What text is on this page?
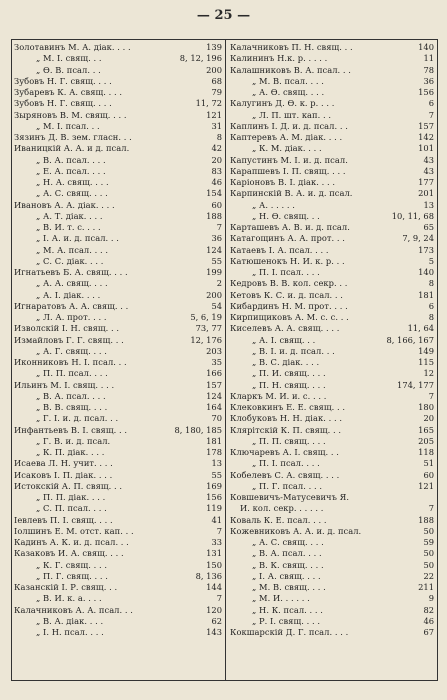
— 25 —
Золотавинъ М. А. діак. . . .	139
„ М. І. свящ. . .	8, 12, 196
„ Ѳ. В. псал. . .	200
Зубовъ Н. Г. свящ. . . .	68
Зубаревъ К. А. свящ. . . .	79
Зубовъ Н. Г. свящ. . . .	11, 72
Зыряновъ В. М. свящ. . . .	121
„ М. І. псал. . .	31
Зязинъ Д. В. зем. гласн. . .	8
Иваницкій А. А. и д. псал.	42
„ В. А. псал. . . .	20
„ Е. А. псал. . . .	83
„ Н. А. свящ. . . .	46
„ А. С. свящ. . . .	154
Ивановъ А. А. діак. . . .	60
„ А. Т. діак. . . .	188
„ В. И. т. с. . . .	7
„ І. А. и. д. псал. . .	36
„ М. А. псал. . . .	124
„ С. С. діак. . . .	55
Игнатьевъ Б. А. свящ. . . .	199
„ А. А. свящ. . . .	2
„ А. І. діак. . . .	200
Игнаратовъ А. А. свящ. . .	54
„ Л. А. прот. . . .	5, 6, 19
Изволскій І. Н. свящ. . .	73, 77
Измайловъ Г. Г. свящ. . .	12, 176
„ А. Г. свящ. . . .	203
Иконниковъ Н. І. псал. . .	35
„ П. П. псал. . . .	166
Ильинъ М. І. свящ. . . .	157
„ В. А. псал. . . .	124
„ В. В. свящ. . . .	164
„ Г. І. и. д. псал. . .	70
Инфантьевъ В. І. свящ. . .	8, 180, 185
„ Г. В. и. д. псал.	181
„ К. П. діак. . . .	178
Исаева Л. Н. учит. . . .	13
Исаковъ І. П. діак. . . .	55
Истокскій А. П. свящ. . .	169
„ П. П. діак. . . .	156
„ С. П. псал. . . .	119
Іевлевъ П. І. свящ. . . .	41
Іолшинъ Е. М. отст. кап. . .	7
Кадинъ А. К. и. д. псал. . .	33
Казаковъ И. А. свящ. . . .	131
„ К. Г. свящ. . . .	150
„ П. Г. свящ. . . .	8, 136
Казанскій І. Р. свящ. . .	144
„ В. И. к. а. . . .	7
Калачниковъ А. А. псал. . .	120
„ В. А. діак. . . .	62
„ І. Н. псал. . . .	143
Калачниковъ П. Н. свящ. . .	140
Калининъ Н.к. р. . . . .	11
Калашниковъ В. А. псал. . .	78
„ М. В. псал. . . .	36
„ А. Ѳ. свящ. . . .	156
Калугинъ Д. Ѳ. к. р. . . .	6
„ Л. П. шт. кап. . .	7
Каплинъ І. Д. и. д. псал. . .	157
Каптеревъ А. М. діак. . . .	142
„ К. М. діак. . . .	101
Капустинъ М. І. и. д. псал.	43
Карапшевъ І. П. свящ. . . .	43
Карiоновъ В. І. діак. . . .	177
Карпинскій В. А. и. д. псал.	201
„ А. . . . . .	13
„ Н. Ѳ. свящ. . .	10, 11, 68
Карташевъ А. В. и. д. псал.	65
Катагощинъ А. А. прот. . .	7, 9, 24
Катаевъ І. А. псал. . . .	173
Катюшенокъ Н. И. к. р. . .	5
„ П. І. псал. . . .	140
Кедровъ В. В. кол. секр. . .	8
Кетовъ К. С. и. д. псал. . .	181
Кибардинъ Н. М. прот. . . .	6
Кирпищиковъ А. М. с. с. . .	8
Киселевъ А. А. свящ. . . .	11, 64
„ А. І. свящ. . .	8, 166, 167
„ В. І. и. д. псал. . .	149
„ В. С. діак. . . .	115
„ П. И. свящ. . . .	12
„ П. Н. свящ. . . .	174, 177
Кларкъ М. И. и. с. . . .	7
Клековкинъ Е. Е. свящ. . .	180
Клобуковъ Н. Н. діак. . . .	20
Клярітскій К. П. свящ. . .	165
„ П. П. свящ. . . .	205
Ключаревъ А. І. свящ. . .	118
„ П. І. псал. . . .	51
Кобелевъ С. А. свящ. . . .	60
„ П. Г. псал. . . .	121
Ковшевичъ-Матусевичъ Я.
И. кол. секр. . . . . .	7
Коваль К. Е. псал. . . .	188
Кожевниковъ А. А. и. д. псал.	50
„ А. С. свящ. . . .	59
„ В. А. псал. . . .	50
„ В. К. свящ. . . .	50
„ І. А. свящ. . . .	22
„ М. В. свящ. . . .	211
„ М. И. . . . . .	9
„ Н. К. псал. . . .	82
„ Р. І. свящ. . . .	46
Кокшарскій Д. Г. псал. . . .	67
